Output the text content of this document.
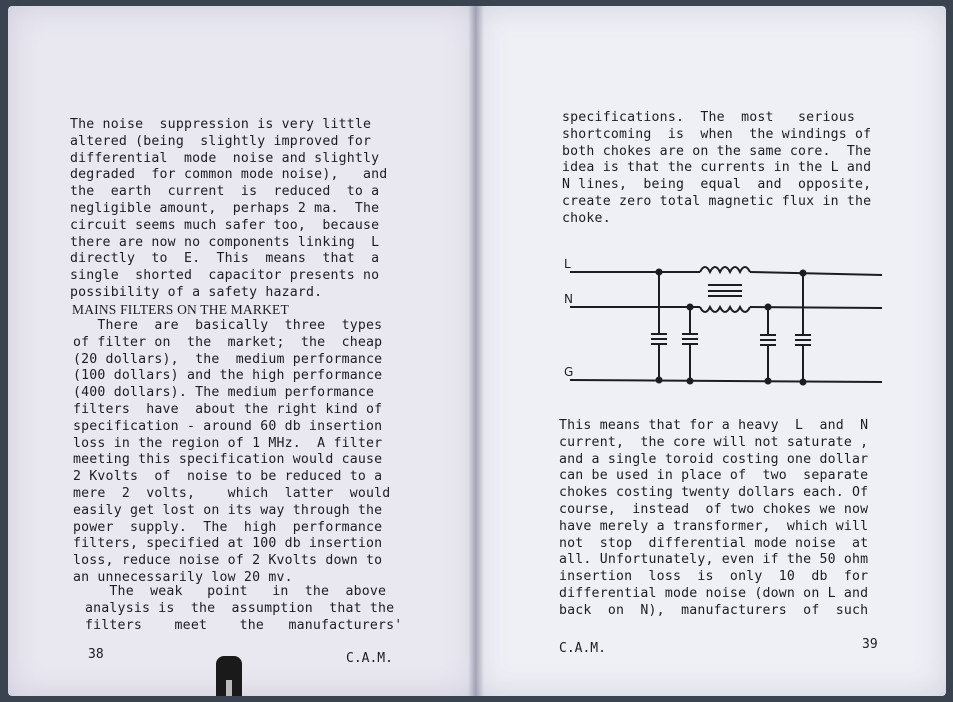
The noise  suppression is very little
altered (being  slightly improved for
differential  mode  noise and slightly
degraded  for common mode noise),   and
the  earth  current  is  reduced  to a
negligible amount,  perhaps 2 ma.  The
circuit seems much safer too,  because
there are now no components linking  L
directly  to  E.  This  means  that  a
single  shorted  capacitor presents no
possibility of a safety hazard.
MAINS FILTERS ON THE MARKET
There  are  basically  three  types
of filter on  the  market;  the  cheap
(20 dollars),  the  medium performance
(100 dollars) and the high performance
(400 dollars). The medium performance
filters  have  about the right kind of
specification - around 60 db insertion
loss in the region of 1 MHz.  A filter
meeting this specification would cause
2 Kvolts  of  noise to be reduced to a
mere  2  volts,    which  latter  would
easily get lost on its way through the
power  supply.  The  high  performance
filters, specified at 100 db insertion
loss, reduce noise of 2 Kvolts down to
an unnecessarily low 20 mv.
The  weak   point   in  the  above
analysis is  the  assumption  that the
filters    meet    the   manufacturers'
38	C.A.M.
specifications.  The  most   serious
shortcoming  is  when  the windings of
both chokes are on the same core.  The
idea is that the currents in the L and
N lines,  being  equal  and  opposite,
create zero total magnetic flux in the
choke.
This means that for a heavy  L  and  N
current,  the core will not saturate ,
and a single toroid costing one dollar
can be used in place of  two  separate
chokes costing twenty dollars each. Of
course,  instead  of two chokes we now
have merely a transformer,  which will
not  stop  differential mode noise  at
all. Unfortunately, even if the 50 ohm
insertion  loss  is  only  10  db  for
differential mode noise (down on L and
back  on  N),  manufacturers  of  such
C.A.M.	39
L
N
G
